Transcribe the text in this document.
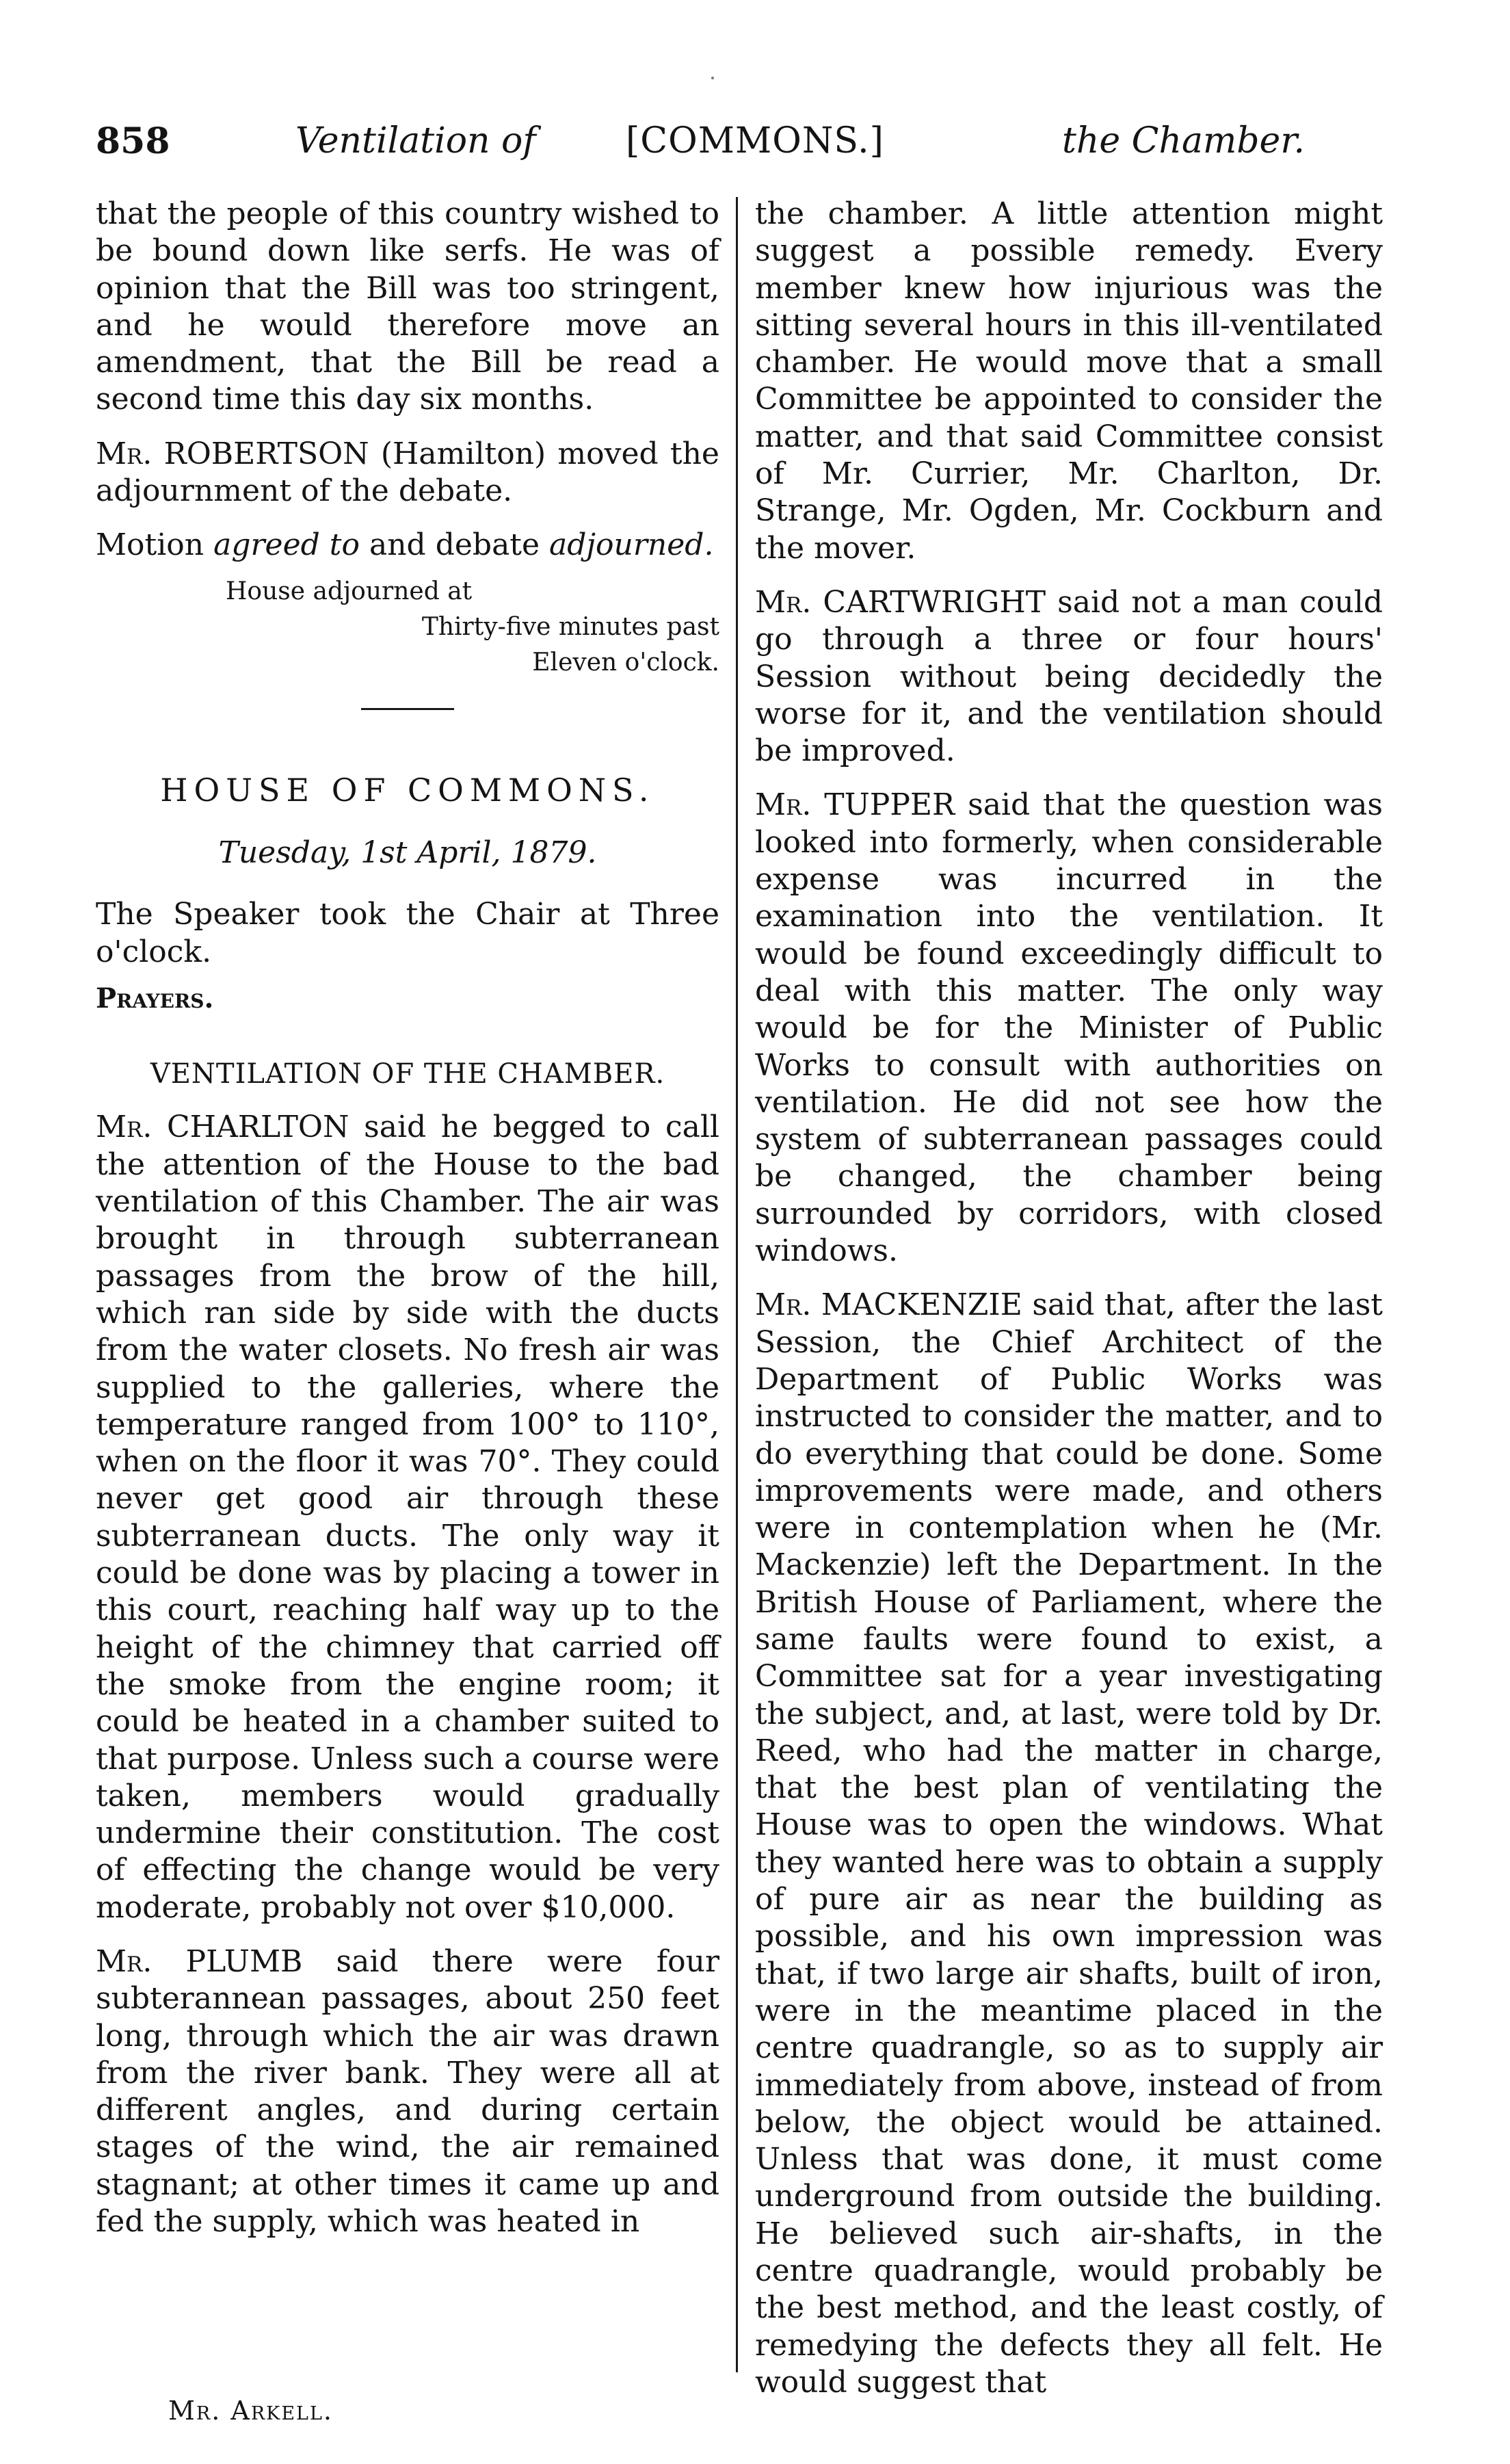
858	Ventilation of	[COMMONS.]	the Chamber.

that the people of this country wished to be bound down like serfs. He was of opinion that the Bill was too stringent, and he would therefore move an amendment, that the Bill be read a second time this day six months.

Mr. ROBERTSON (Hamilton) moved the adjournment of the debate.

Motion agreed to and debate adjourned.

House adjourned at
Thirty-five minutes past
Eleven o'clock.
HOUSE OF COMMONS.
Tuesday, 1st April, 1879.

The Speaker took the Chair at Three o'clock.

Prayers.
VENTILATION OF THE CHAMBER.

Mr. CHARLTON said he begged to call the attention of the House to the bad ventilation of this Chamber. The air was brought in through subterranean passages from the brow of the hill, which ran side by side with the ducts from the water closets. No fresh air was supplied to the galleries, where the temperature ranged from 100° to 110°, when on the floor it was 70°. They could never get good air through these subterranean ducts. The only way it could be done was by placing a tower in this court, reaching half way up to the height of the chimney that carried off the smoke from the engine room; it could be heated in a chamber suited to that purpose. Unless such a course were taken, members would gradually undermine their constitution. The cost of effecting the change would be very moderate, probably not over $10,000.

Mr. PLUMB said there were four subterannean passages, about 250 feet long, through which the air was drawn from the river bank. They were all at different angles, and during certain stages of the wind, the air remained stagnant; at other times it came up and fed the supply, which was heated in

the chamber. A little attention might suggest a possible remedy. Every member knew how injurious was the sitting several hours in this ill-ventilated chamber. He would move that a small Committee be appointed to consider the matter, and that said Committee consist of Mr. Currier, Mr. Charlton, Dr. Strange, Mr. Ogden, Mr. Cockburn and the mover.

Mr. CARTWRIGHT said not a man could go through a three or four hours' Session without being decidedly the worse for it, and the ventilation should be improved.

Mr. TUPPER said that the question was looked into formerly, when considerable expense was incurred in the examination into the ventilation. It would be found exceedingly difficult to deal with this matter. The only way would be for the Minister of Public Works to consult with authorities on ventilation. He did not see how the system of subterranean passages could be changed, the chamber being surrounded by corridors, with closed windows.

Mr. MACKENZIE said that, after the last Session, the Chief Architect of the Department of Public Works was instructed to consider the matter, and to do everything that could be done. Some improvements were made, and others were in contemplation when he (Mr. Mackenzie) left the Department. In the British House of Parliament, where the same faults were found to exist, a Committee sat for a year investigating the subject, and, at last, were told by Dr. Reed, who had the matter in charge, that the best plan of ventilating the House was to open the windows. What they wanted here was to obtain a supply of pure air as near the building as possible, and his own impression was that, if two large air shafts, built of iron, were in the meantime placed in the centre quadrangle, so as to supply air immediately from above, instead of from below, the object would be attained. Unless that was done, it must come underground from outside the building. He believed such air-shafts, in the centre quadrangle, would probably be the best method, and the least costly, of remedying the defects they all felt. He would suggest that

Mr. Arkell.
